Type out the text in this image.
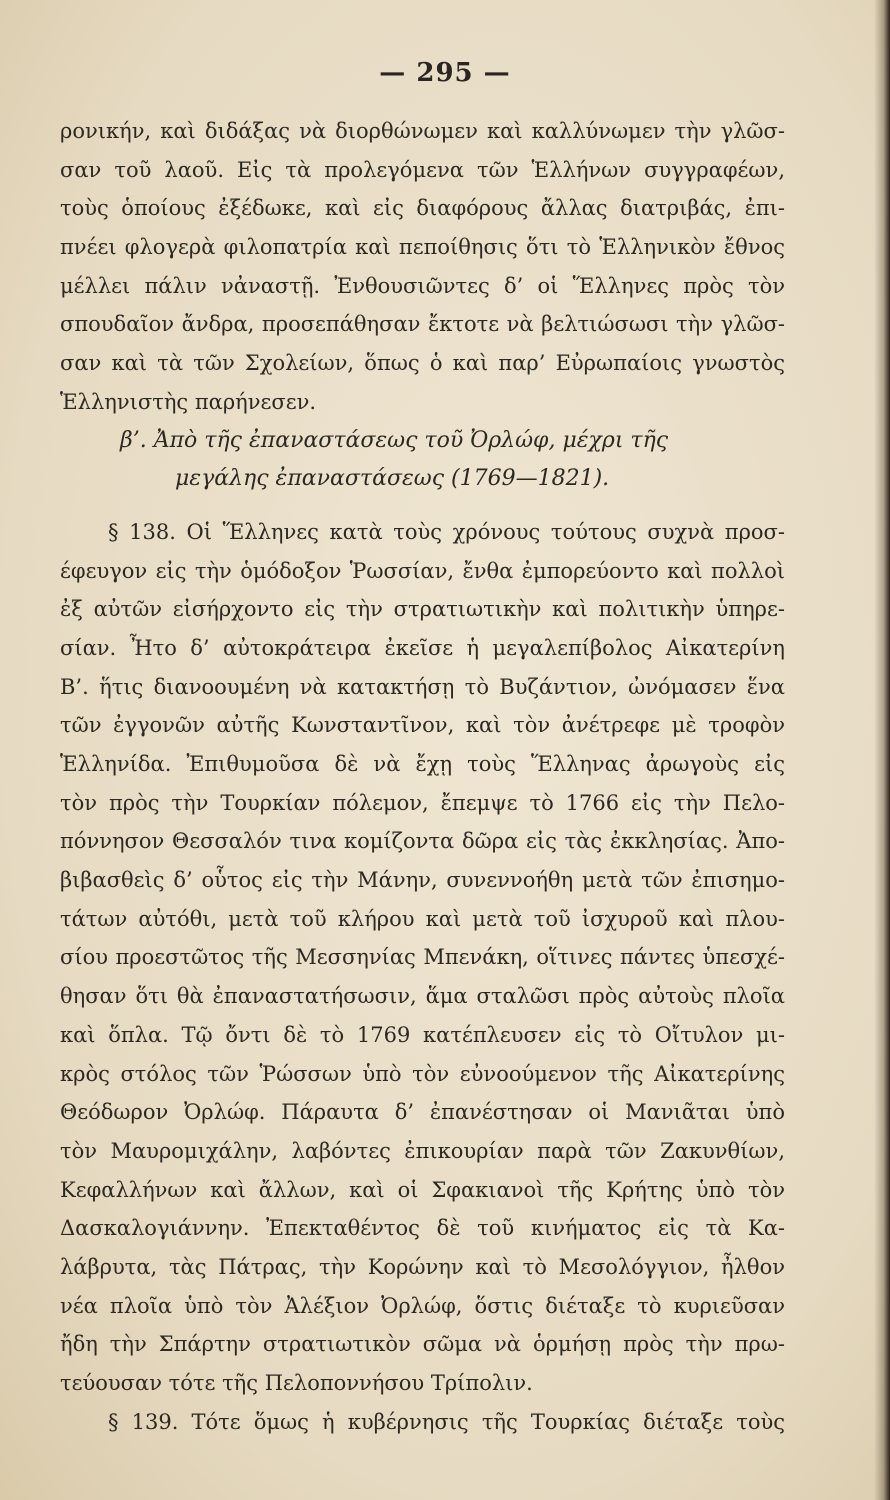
— 295 —
ρονικήν, καὶ διδάξας νὰ διορθώνωμεν καὶ καλλύνωμεν τὴν γλῶσ-
σαν τοῦ λαοῦ. Εἰς τὰ προλεγόμενα τῶν Ἑλλήνων συγγραφέων,
τοὺς ὁποίους ἐξέδωκε, καὶ εἰς διαφόρους ἄλλας διατριβάς, ἐπι-
πνέει φλογερὰ φιλοπατρία καὶ πεποίθησις ὅτι τὸ Ἑλληνικὸν ἔθνος
μέλλει πάλιν νἀναστῇ. Ἐνθουσιῶντες δ’ οἱ Ἕλληνες πρὸς τὸν
σπουδαῖον ἄνδρα, προσεπάθησαν ἔκτοτε νὰ βελτιώσωσι τὴν γλῶσ-
σαν καὶ τὰ τῶν Σχολείων, ὅπως ὁ καὶ παρ’ Εὐρωπαίοις γνωστὸς
Ἑλληνιστὴς παρήνεσεν.
β’. Ἀπὸ τῆς ἐπαναστάσεως τοῦ Ὀρλώφ, μέχρι τῆς
μεγάλης ἐπαναστάσεως (1769—1821).
§ 138. Οἱ Ἕλληνες κατὰ τοὺς χρόνους τούτους συχνὰ προσ-
έφευγον εἰς τὴν ὁμόδοξον Ῥωσσίαν, ἔνθα ἐμπορεύοντο καὶ πολλοὶ
ἐξ αὐτῶν εἰσήρχοντο εἰς τὴν στρατιωτικὴν καὶ πολιτικὴν ὑπηρε-
σίαν. Ἦτο δ’ αὐτοκράτειρα ἐκεῖσε ἡ μεγαλεπίβολος Αἰκατερίνη
Β’. ἥτις διανοουμένη νὰ κατακτήσῃ τὸ Βυζάντιον, ὠνόμασεν ἕνα
τῶν ἐγγονῶν αὐτῆς Κωνσταντῖνον, καὶ τὸν ἀνέτρεφε μὲ τροφὸν
Ἑλληνίδα. Ἐπιθυμοῦσα δὲ νὰ ἔχῃ τοὺς Ἕλληνας ἀρωγοὺς εἰς
τὸν πρὸς τὴν Τουρκίαν πόλεμον, ἔπεμψε τὸ 1766 εἰς τὴν Πελο-
πόννησον Θεσσαλόν τινα κομίζοντα δῶρα εἰς τὰς ἐκκλησίας. Ἀπο-
βιβασθεὶς δ’ οὗτος εἰς τὴν Μάνην, συνεννοήθη μετὰ τῶν ἐπισημο-
τάτων αὐτόθι, μετὰ τοῦ κλήρου καὶ μετὰ τοῦ ἰσχυροῦ καὶ πλου-
σίου προεστῶτος τῆς Μεσσηνίας Μπενάκη, οἵτινες πάντες ὑπεσχέ-
θησαν ὅτι θὰ ἐπαναστατήσωσιν, ἅμα σταλῶσι πρὸς αὐτοὺς πλοῖα
καὶ ὅπλα. Τῷ ὄντι δὲ τὸ 1769 κατέπλευσεν εἰς τὸ Οἴτυλον μι-
κρὸς στόλος τῶν Ῥώσσων ὑπὸ τὸν εὐνοούμενον τῆς Αἰκατερίνης
Θεόδωρον Ὀρλώφ. Πάραυτα δ’ ἐπανέστησαν οἱ Μανιᾶται ὑπὸ
τὸν Μαυρομιχάλην, λαβόντες ἐπικουρίαν παρὰ τῶν Ζακυνθίων,
Κεφαλλήνων καὶ ἄλλων, καὶ οἱ Σφακιανοὶ τῆς Κρήτης ὑπὸ τὸν
Δασκαλογιάννην. Ἐπεκταθέντος δὲ τοῦ κινήματος εἰς τὰ Κα-
λάβρυτα, τὰς Πάτρας, τὴν Κορώνην καὶ τὸ Μεσολόγγιον, ἦλθον
νέα πλοῖα ὑπὸ τὸν Ἀλέξιον Ὀρλώφ, ὅστις διέταξε τὸ κυριεῦσαν
ἤδη τὴν Σπάρτην στρατιωτικὸν σῶμα νὰ ὁρμήσῃ πρὸς τὴν πρω-
τεύουσαν τότε τῆς Πελοποννήσου Τρίπολιν.
§ 139. Τότε ὅμως ἡ κυβέρνησις τῆς Τουρκίας διέταξε τοὺς
